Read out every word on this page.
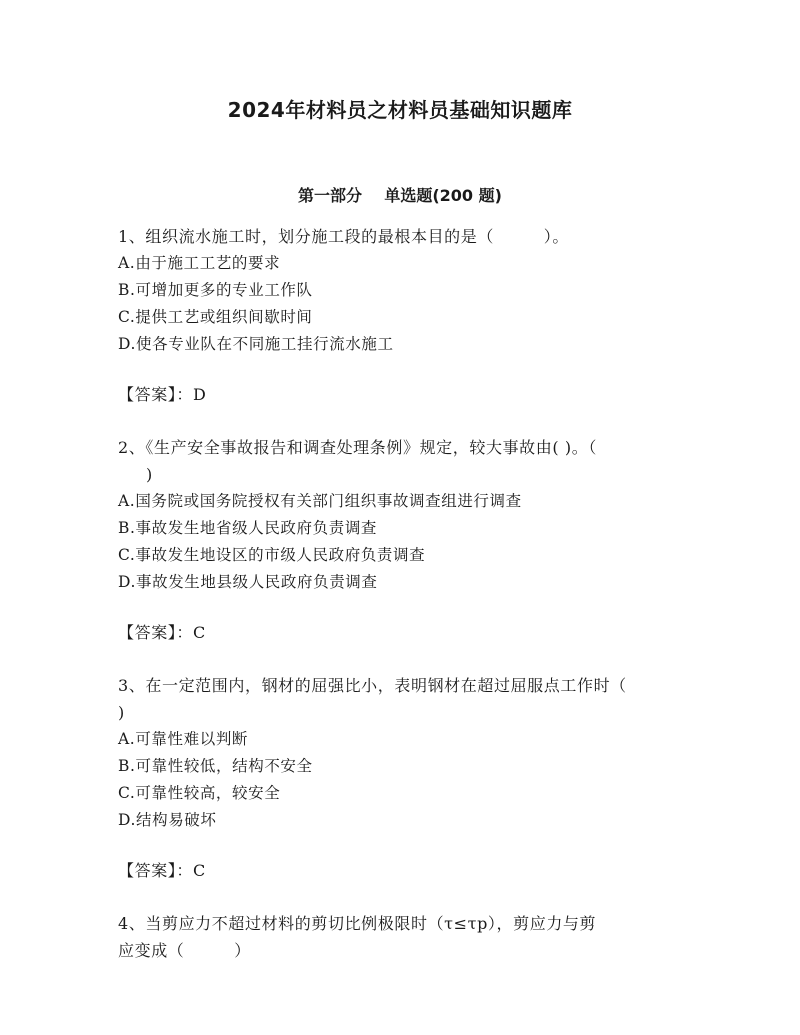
2024年材料员之材料员基础知识题库
第一部分    单选题(200 题)

1、组织流水施工时，划分施工段的最根本目的是（　　　）。

A.由于施工工艺的要求

B.可增加更多的专业工作队

C.提供工艺或组织间歇时间

D.使各专业队在不同施工挂行流水施工

【答案】：D

2、《生产安全事故报告和调查处理条例》规定，较大事故由( )。（

)

A.国务院或国务院授权有关部门组织事故调查组进行调查

B.事故发生地省级人民政府负责调查

C.事故发生地设区的市级人民政府负责调查

D.事故发生地县级人民政府负责调查

【答案】：C

3、在一定范围内，钢材的屈强比小，表明钢材在超过屈服点工作时（

)

A.可靠性难以判断

B.可靠性较低，结构不安全

C.可靠性较高，较安全

D.结构易破坏

【答案】：C

4、当剪应力不超过材料的剪切比例极限时（τ≤τp），剪应力与剪

应变成（　　　）
